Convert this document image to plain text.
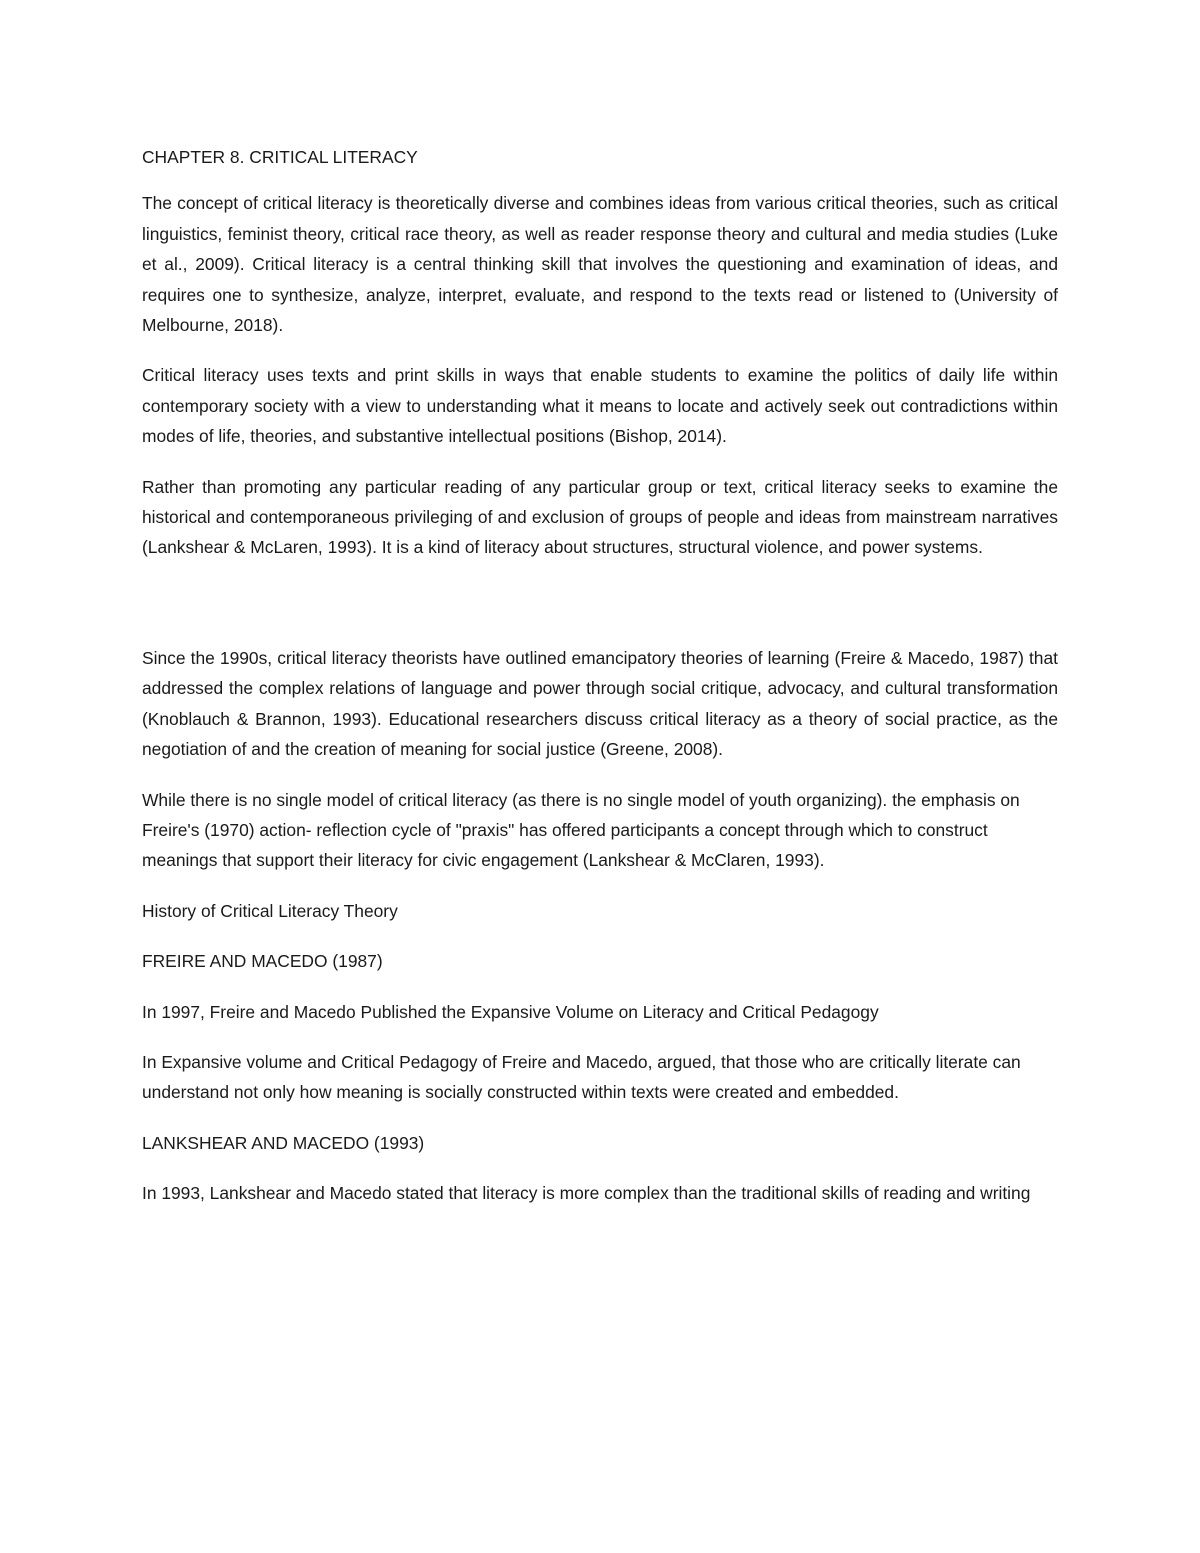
CHAPTER 8. CRITICAL LITERACY

The concept of critical literacy is theoretically diverse and combines ideas from various critical theories, such as critical linguistics, feminist theory, critical race theory, as well as reader response theory and cultural and media studies (Luke et al., 2009). Critical literacy is a central thinking skill that involves the questioning and examination of ideas, and requires one to synthesize, analyze, interpret, evaluate, and respond to the texts read or listened to (University of Melbourne, 2018).

Critical literacy uses texts and print skills in ways that enable students to examine the politics of daily life within contemporary society with a view to understanding what it means to locate and actively seek out contradictions within modes of life, theories, and substantive intellectual positions (Bishop, 2014).

Rather than promoting any particular reading of any particular group or text, critical literacy seeks to examine the historical and contemporaneous privileging of and exclusion of groups of people and ideas from mainstream narratives (Lankshear & McLaren, 1993). It is a kind of literacy about structures, structural violence, and power systems.

Since the 1990s, critical literacy theorists have outlined emancipatory theories of learning (Freire & Macedo, 1987) that addressed the complex relations of language and power through social critique, advocacy, and cultural transformation (Knoblauch & Brannon, 1993). Educational researchers discuss critical literacy as a theory of social practice, as the negotiation of and the creation of meaning for social justice (Greene, 2008).

While there is no single model of critical literacy (as there is no single model of youth organizing). the emphasis on Freire's (1970) action- reflection cycle of "praxis" has offered participants a concept through which to construct meanings that support their literacy for civic engagement (Lankshear & McClaren, 1993).

History of Critical Literacy Theory
FREIRE AND MACEDO (1987)

In 1997, Freire and Macedo Published the Expansive Volume on Literacy and Critical Pedagogy

In Expansive volume and Critical Pedagogy of Freire and Macedo, argued, that those who are critically literate can understand not only how meaning is socially constructed within texts were created and embedded.

LANKSHEAR AND MACEDO (1993)

In 1993, Lankshear and Macedo stated that literacy is more complex than the traditional skills of reading and writing
